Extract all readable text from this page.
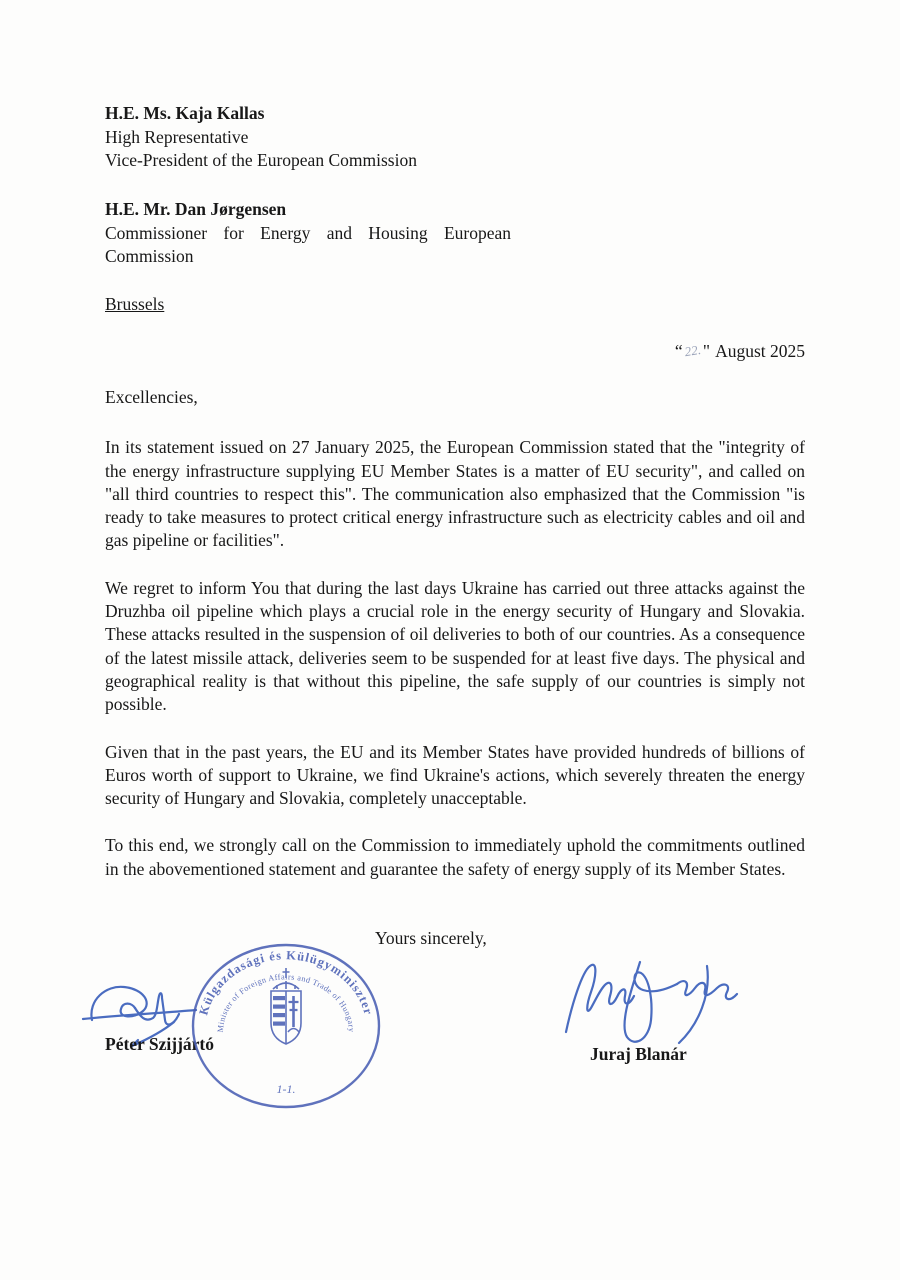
H.E. Ms. Kaja Kallas
High Representative
Vice-President of the European Commission
H.E. Mr. Dan Jørgensen
Commissioner for Energy and Housing European Commission
Brussels
“22." August 2025

Excellencies,

In its statement issued on 27 January 2025, the European Commission stated that the "integrity of the energy infrastructure supplying EU Member States is a matter of EU security", and called on "all third countries to respect this". The communication also emphasized that the Commission "is ready to take measures to protect critical energy infrastructure such as electricity cables and oil and gas pipeline or facilities".

We regret to inform You that during the last days Ukraine has carried out three attacks against the Druzhba oil pipeline which plays a crucial role in the energy security of Hungary and Slovakia. These attacks resulted in the suspension of oil deliveries to both of our countries. As a consequence of the latest missile attack, deliveries seem to be suspended for at least five days. The physical and geographical reality is that without this pipeline, the safe supply of our countries is simply not possible.

Given that in the past years, the EU and its Member States have provided hundreds of billions of Euros worth of support to Ukraine, we find Ukraine's actions, which severely threaten the energy security of Hungary and Slovakia, completely unacceptable.

To this end, we strongly call on the Commission to immediately uphold the commitments outlined in the abovementioned statement and guarantee the safety of energy supply of its Member States.

Yours sincerely,
Péter Szijjártó
Külgazdasági és Külügyminiszter
Minister of Foreign Affairs and Trade of Hungary
1-1.
Juraj Blanár
